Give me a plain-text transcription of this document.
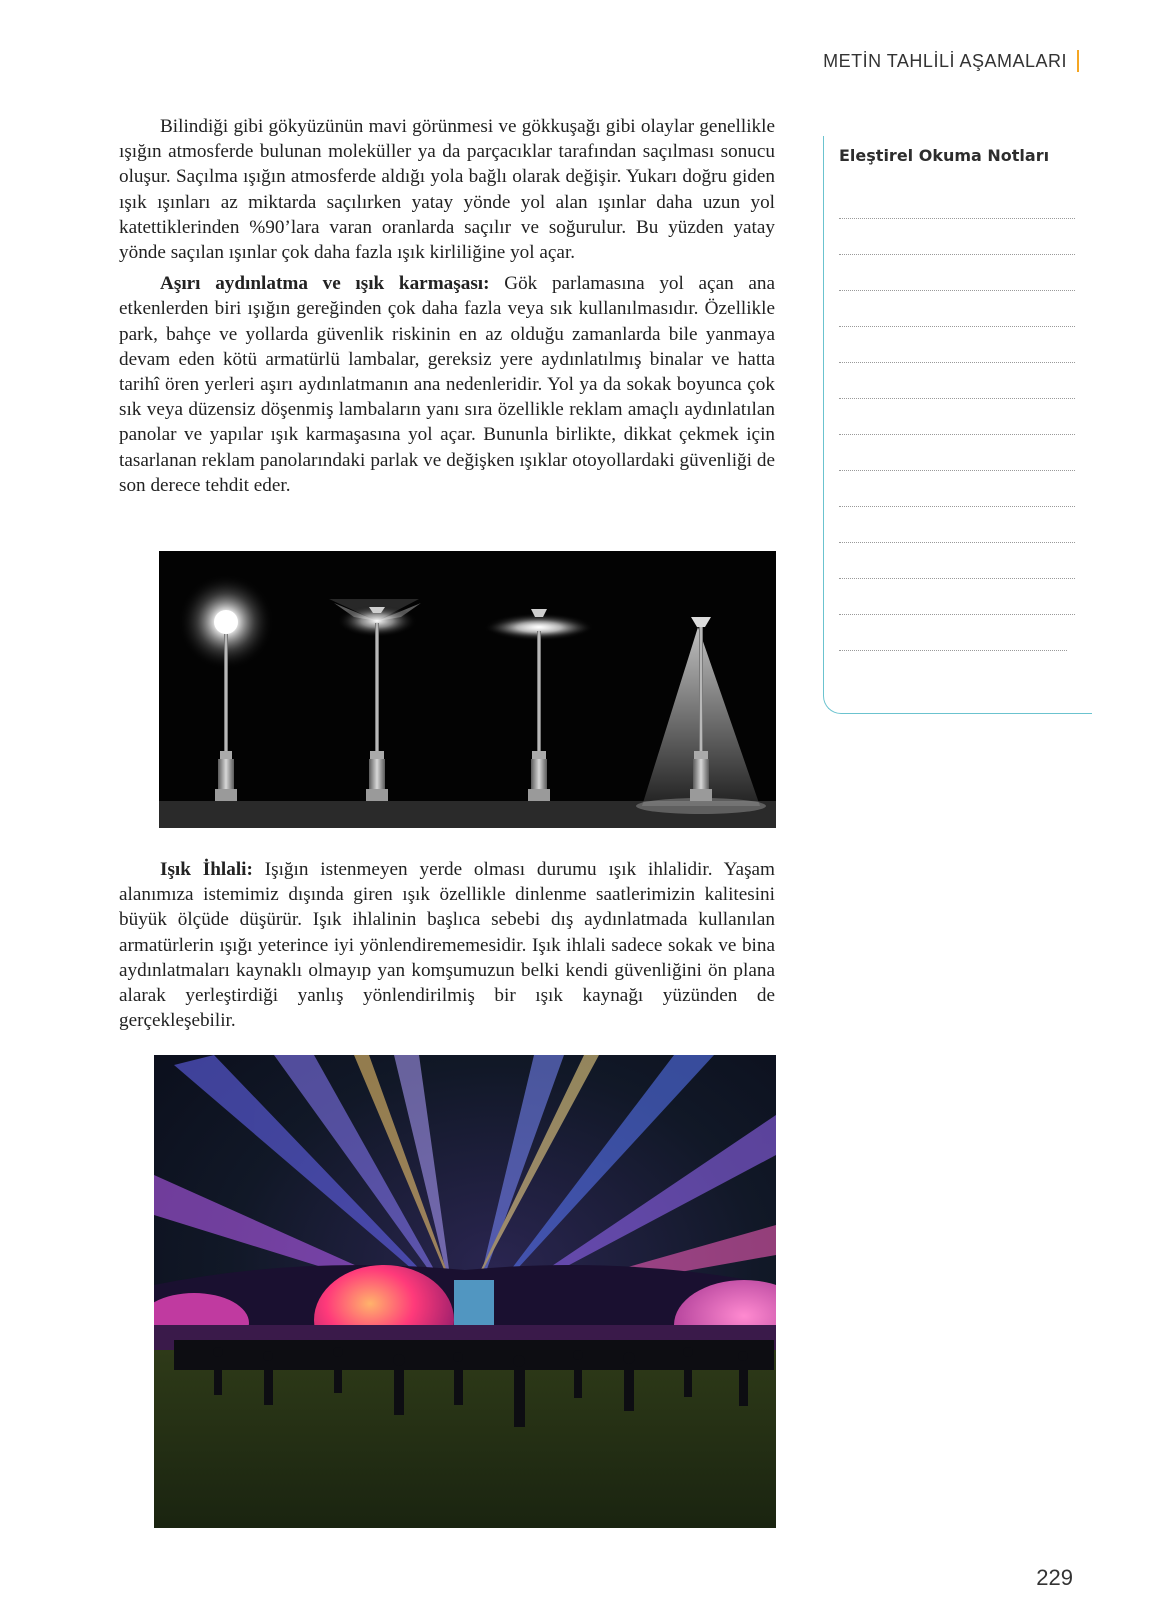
METİN TAHLİLİ AŞAMALARI

Bilindiği gibi gökyüzünün mavi görünmesi ve gökkuşağı gibi olaylar genellikle ışığın atmosferde bulunan moleküller ya da parçacıklar tarafından saçılması sonucu oluşur. Saçılma ışığın atmosferde aldığı yola bağlı olarak değişir. Yukarı doğru giden ışık ışınları az miktarda saçılırken yatay yönde yol alan ışınlar daha uzun yol katettiklerinden %90’lara varan oranlarda saçılır ve soğurulur. Bu yüzden yatay yönde saçılan ışınlar çok daha fazla ışık kirliliğine yol açar.

Aşırı aydınlatma ve ışık karmaşası: Gök parlamasına yol açan ana etkenlerden biri ışığın gereğinden çok daha fazla veya sık kullanılmasıdır. Özellikle park, bahçe ve yollarda güvenlik riskinin en az olduğu zamanlarda bile yanmaya devam eden kötü armatürlü lambalar, gereksiz yere aydınlatılmış binalar ve hatta tarihî ören yerleri aşırı aydınlatmanın ana nedenleridir. Yol ya da sokak boyunca çok sık veya düzensiz döşenmiş lambaların yanı sıra özellikle reklam amaçlı aydınlatılan panolar ve yapılar ışık karmaşasına yol açar. Bununla birlikte, dikkat çekmek için tasarlanan reklam panolarındaki parlak ve değişken ışıklar otoyollardaki güvenliği de son derece tehdit eder.

Işık İhlali: Işığın istenmeyen yerde olması durumu ışık ihlalidir. Yaşam alanımıza istemimiz dışında giren ışık özellikle dinlenme saatlerimizin kalitesini büyük ölçüde düşürür. Işık ihlalinin başlıca sebebi dış aydınlatmada kullanılan armatürlerin ışığı yeterince iyi yönlendirememesidir. Işık ihlali sadece sokak ve bina aydınlatmaları kaynaklı olmayıp yan komşumuzun belki kendi güvenliğini ön plana alarak yerleştirdiği yanlış yönlendirilmiş bir ışık kaynağı yüzünden de gerçekleşebilir.

Eleştirel Okuma Notları
229
